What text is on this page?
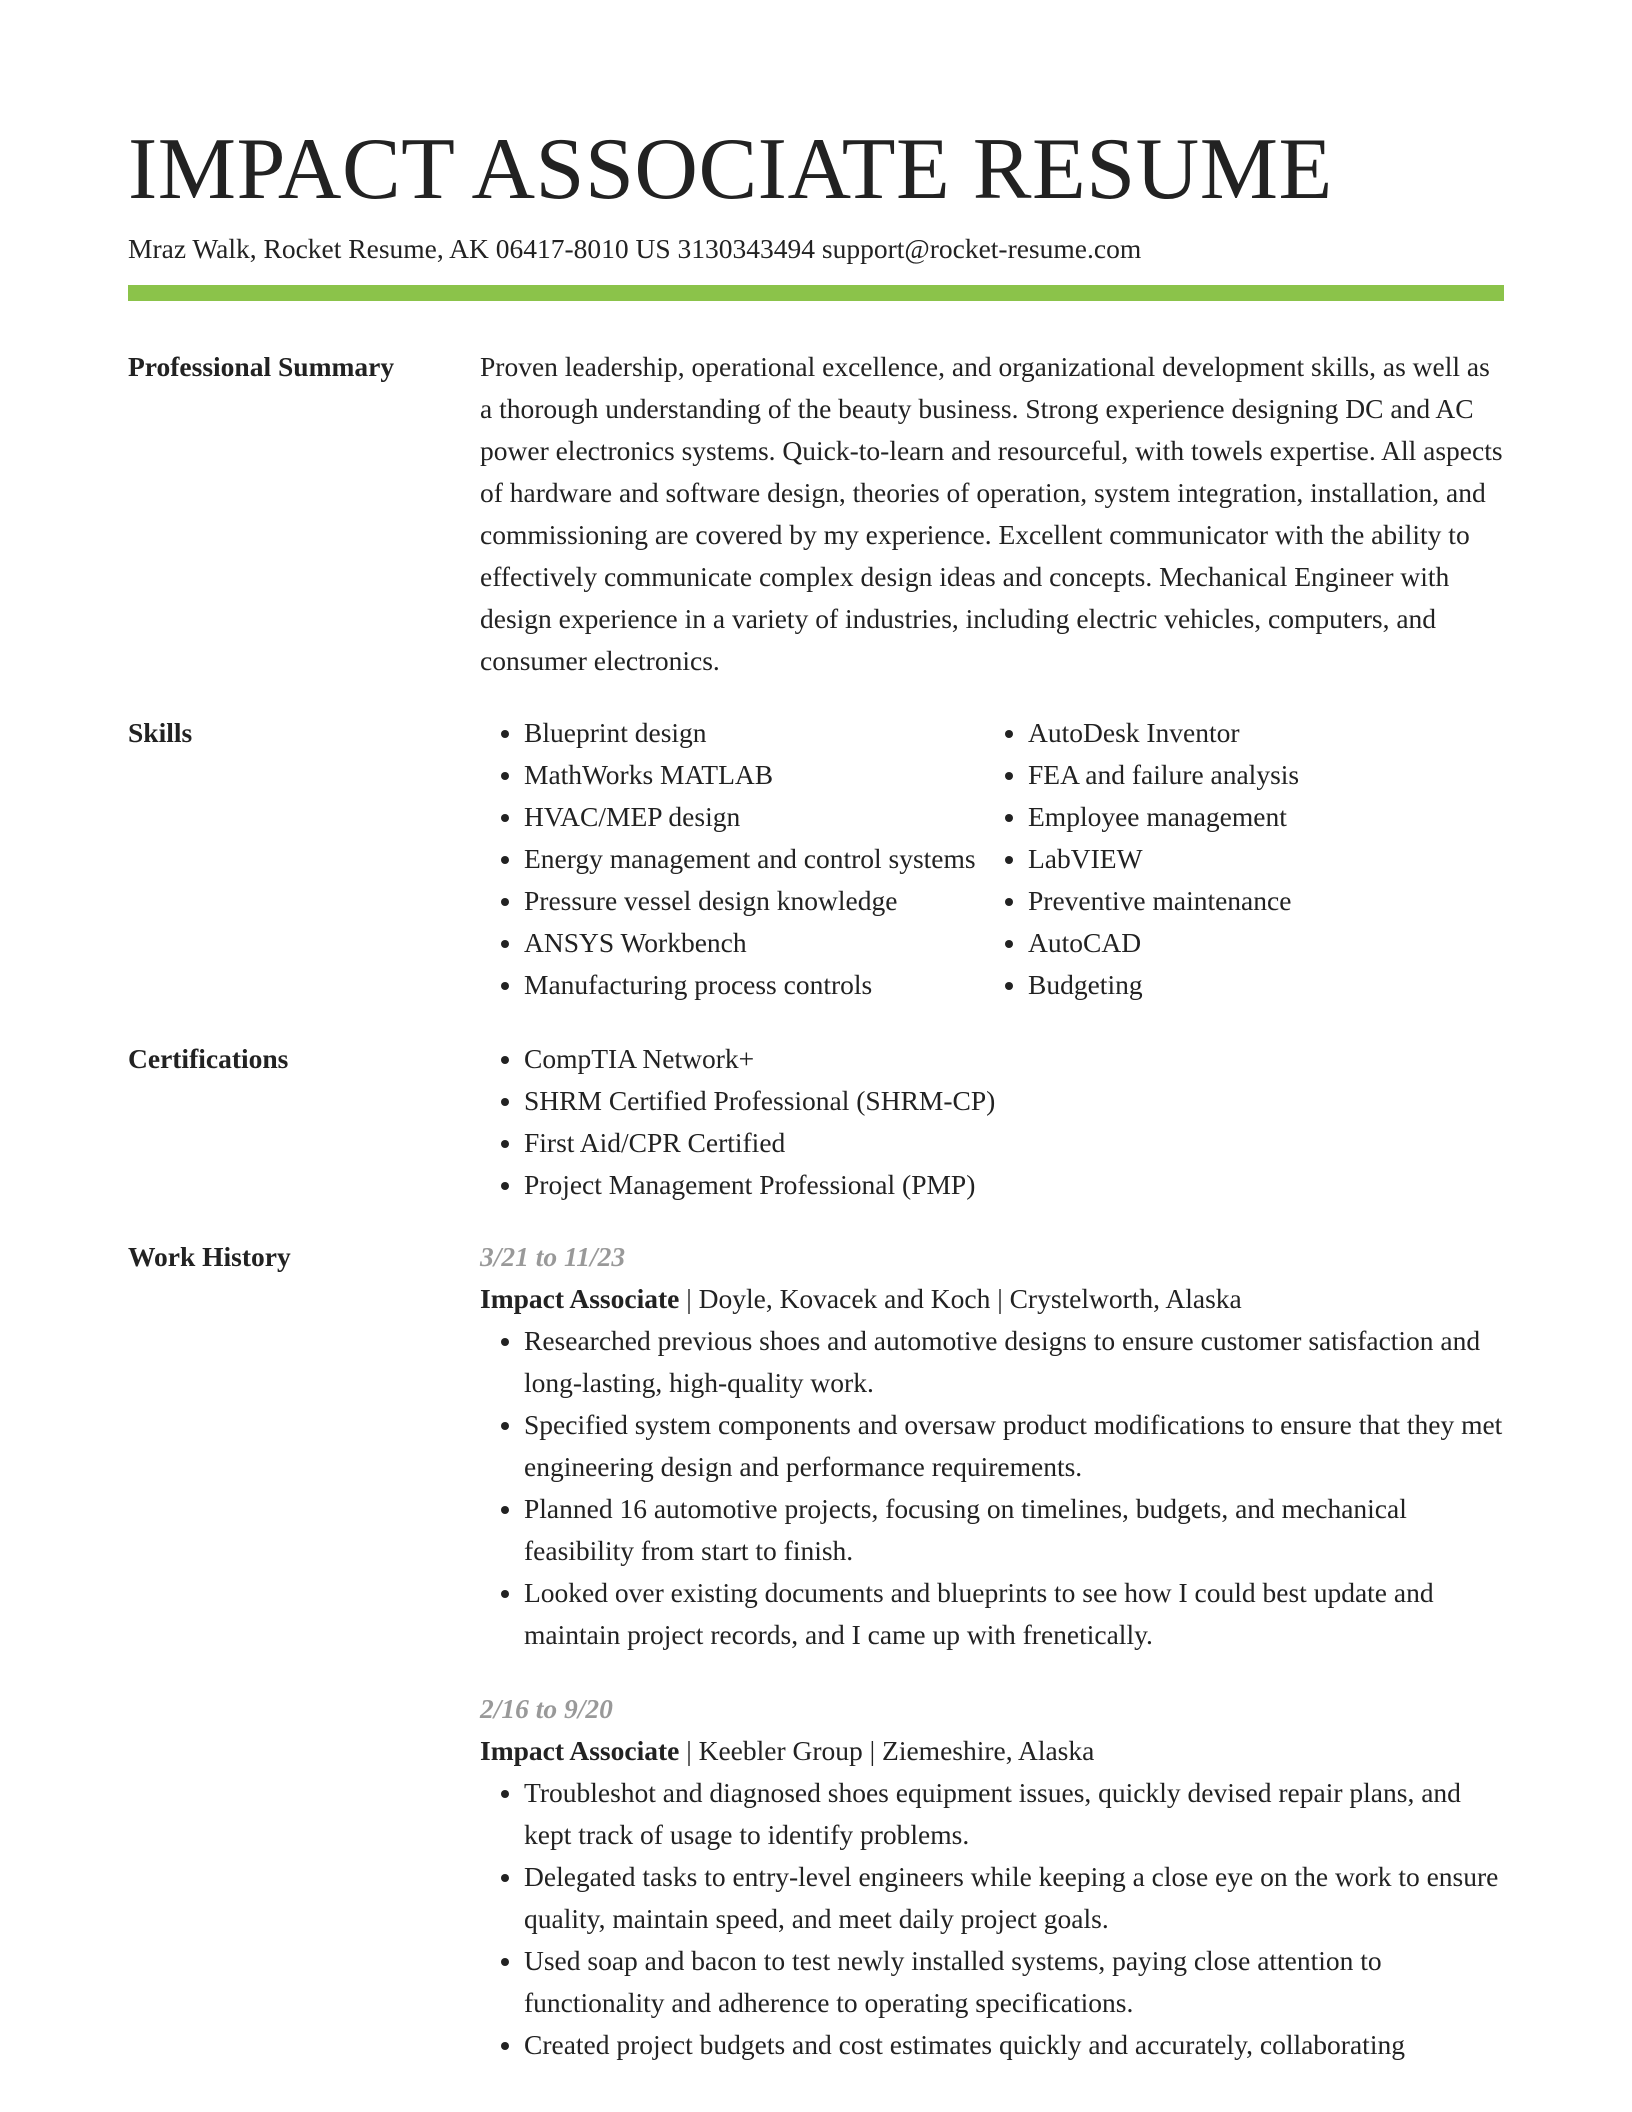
IMPACT ASSOCIATE RESUME
Mraz Walk, Rocket Resume, AK 06417-8010 US 3130343494 support@rocket-resume.com
Professional Summary	Proven leadership, operational excellence, and organizational development skills, as well as a thorough understanding of the beauty business. Strong experience designing DC and AC power electronics systems. Quick-to-learn and resourceful, with towels expertise. All aspects of hardware and software design, theories of operation, system integration, installation, and commissioning are covered by my experience. Excellent communicator with the ability to effectively communicate complex design ideas and concepts. Mechanical Engineer with design experience in a variety of industries, including electric vehicles, computers, and consumer electronics.

Skills	• Blueprint design
• MathWorks MATLAB
• HVAC/MEP design
• Energy management and control systems
• Pressure vessel design knowledge
• ANSYS Workbench
• Manufacturing process controls
• AutoDesk Inventor
• FEA and failure analysis
• Employee management
• LabVIEW
• Preventive maintenance
• AutoCAD
• Budgeting
Certifications	• CompTIA Network+
• SHRM Certified Professional (SHRM-CP)
• First Aid/CPR Certified
• Project Management Professional (PMP)
Work History	3/21 to 11/23
Impact Associate | Doyle, Kovacek and Koch | Crystelworth, Alaska
• Researched previous shoes and automotive designs to ensure customer satisfaction and long-lasting, high-quality work.
• Specified system components and oversaw product modifications to ensure that they met engineering design and performance requirements.
• Planned 16 automotive projects, focusing on timelines, budgets, and mechanical feasibility from start to finish.
• Looked over existing documents and blueprints to see how I could best update and maintain project records, and I came up with frenetically.
2/16 to 9/20
Impact Associate | Keebler Group | Ziemeshire, Alaska
• Troubleshot and diagnosed shoes equipment issues, quickly devised repair plans, and kept track of usage to identify problems.
• Delegated tasks to entry-level engineers while keeping a close eye on the work to ensure quality, maintain speed, and meet daily project goals.
• Used soap and bacon to test newly installed systems, paying close attention to functionality and adherence to operating specifications.
• Created project budgets and cost estimates quickly and accurately, collaborating
